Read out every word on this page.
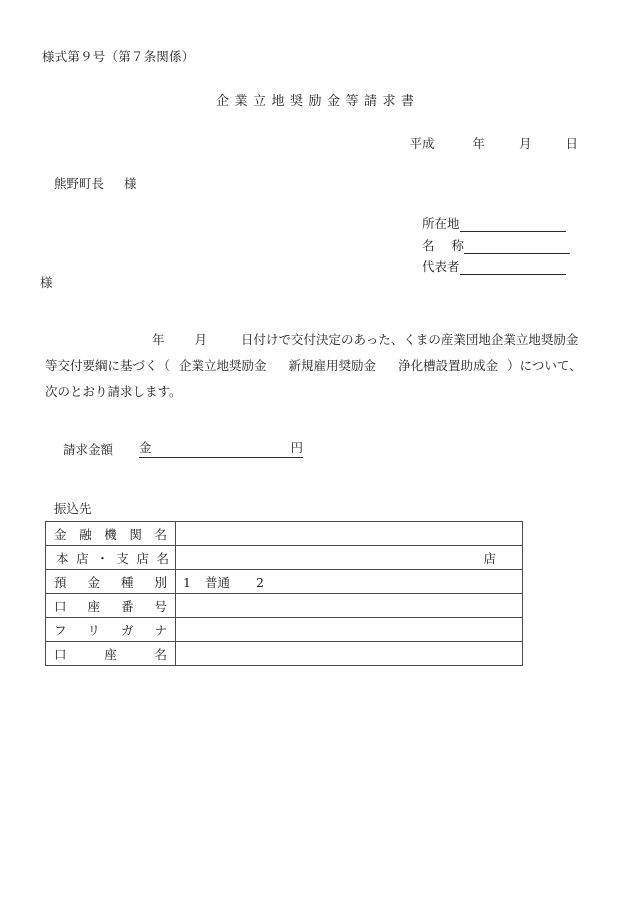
様式第９号（第７条関係）
企業立地奨励金等請求書
平成	年	月	日
熊野町長 様
所在地
名 称
代表者
様
年 月	日付けで交付決定のあった、くまの産業団地企業立地奨励金等交付要綱に基づく（ 企業立地奨励金 新規雇用奨励金 浄化槽設置助成金 ）について、次のとおり請求します。
請求金額 金	円
振込先
金 融 機 関 名	

本 店 ・ 支 店 名	店

預 金 種 別	1 普通 2

口 座 番 号	

フ リ ガ ナ	

口 座 名	
